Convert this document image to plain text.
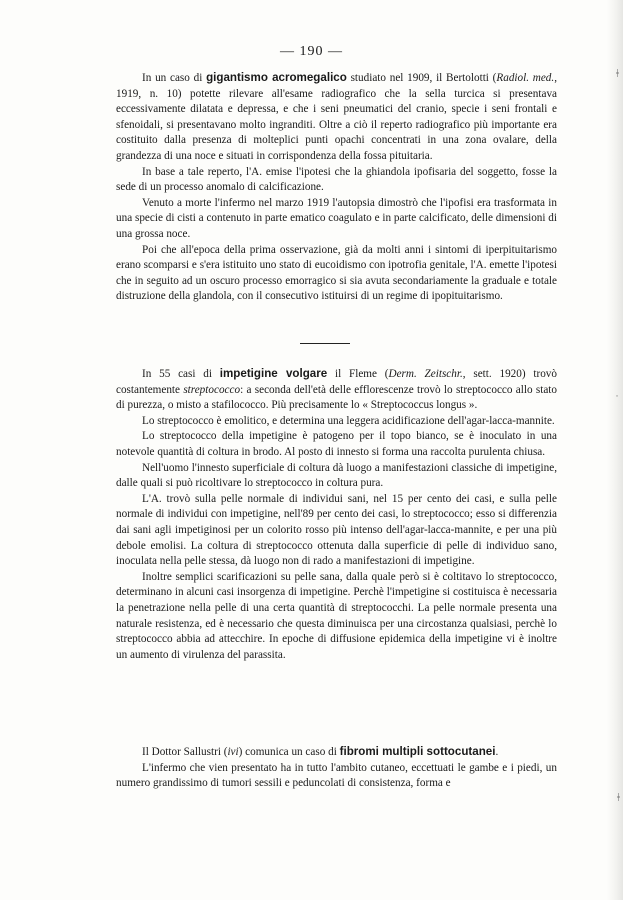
— 190 —

In un caso di gigantismo acromegalico studiato nel 1909, il Bertolotti (Radiol. med., 1919, n. 10) potette rilevare all'esame radiografico che la sella turcica si presentava eccessivamente dilatata e depressa, e che i seni pneumatici del cranio, specie i seni frontali e sfenoidali, si presentavano molto ingranditi. Oltre a ciò il reperto radiografico più importante era costituito dalla presenza di molteplici punti opachi concentrati in una zona ovalare, della grandezza di una noce e situati in corrispondenza della fossa pituitaria.

In base a tale reperto, l'A. emise l'ipotesi che la ghiandola ipofisaria del soggetto, fosse la sede di un processo anomalo di calcificazione.

Venuto a morte l'infermo nel marzo 1919 l'autopsia dimostrò che l'ipofisi era trasformata in una specie di cisti a contenuto in parte ematico coagulato e in parte calcificato, delle dimensioni di una grossa noce.

Poi che all'epoca della prima osservazione, già da molti anni i sintomi di iperpituitarismo erano scomparsi e s'era istituito uno stato di eucoidismo con ipotrofia genitale, l'A. emette l'ipotesi che in seguito ad un oscuro processo emorragico si sia avuta secondariamente la graduale e totale distruzione della glandola, con il consecutivo istituirsi di un regime di ipopituitarismo.

In 55 casi di impetigine volgare il Fleme (Derm. Zeitschr., sett. 1920) trovò costantemente streptococco: a seconda dell'età delle efflorescenze trovò lo streptococco allo stato di purezza, o misto a stafilococco. Più precisamente lo « Streptococcus longus ».

Lo streptococco è emolitico, e determina una leggera acidificazione dell'agar-lacca-mannite.

Lo streptococco della impetigine è patogeno per il topo bianco, se è inoculato in una notevole quantità di coltura in brodo. Al posto di innesto si forma una raccolta purulenta chiusa.

Nell'uomo l'innesto superficiale di coltura dà luogo a manifestazioni classiche di impetigine, dalle quali si può ricoltivare lo streptococco in coltura pura.

L'A. trovò sulla pelle normale di individui sani, nel 15 per cento dei casi, e sulla pelle normale di individui con impetigine, nell'89 per cento dei casi, lo streptococco; esso si differenzia dai sani agli impetiginosi per un colorito rosso più intenso dell'agar-lacca-mannite, e per una più debole emolisi. La coltura di streptococco ottenuta dalla superficie di pelle di individuo sano, inoculata nella pelle stessa, dà luogo non di rado a manifestazioni di impetigine.

Inoltre semplici scarificazioni su pelle sana, dalla quale però si è coltitavo lo streptococco, determinano in alcuni casi insorgenza di impetigine. Perchè l'impetigine si costituisca è necessaria la penetrazione nella pelle di una certa quantità di streptococchi. La pelle normale presenta una naturale resistenza, ed è necessario che questa diminuisca per una circostanza qualsiasi, perchè lo streptococco abbia ad attecchire. In epoche di diffusione epidemica della impetigine vi è inoltre un aumento di virulenza del parassita.

Il Dottor Sallustri (ivi) comunica un caso di fibromi multipli sottocutanei.

L'infermo che vien presentato ha in tutto l'ambito cutaneo, eccettuati le gambe e i piedi, un numero grandissimo di tumori sessili e peduncolati di consistenza, forma e

ǂ
˙
ǂ
